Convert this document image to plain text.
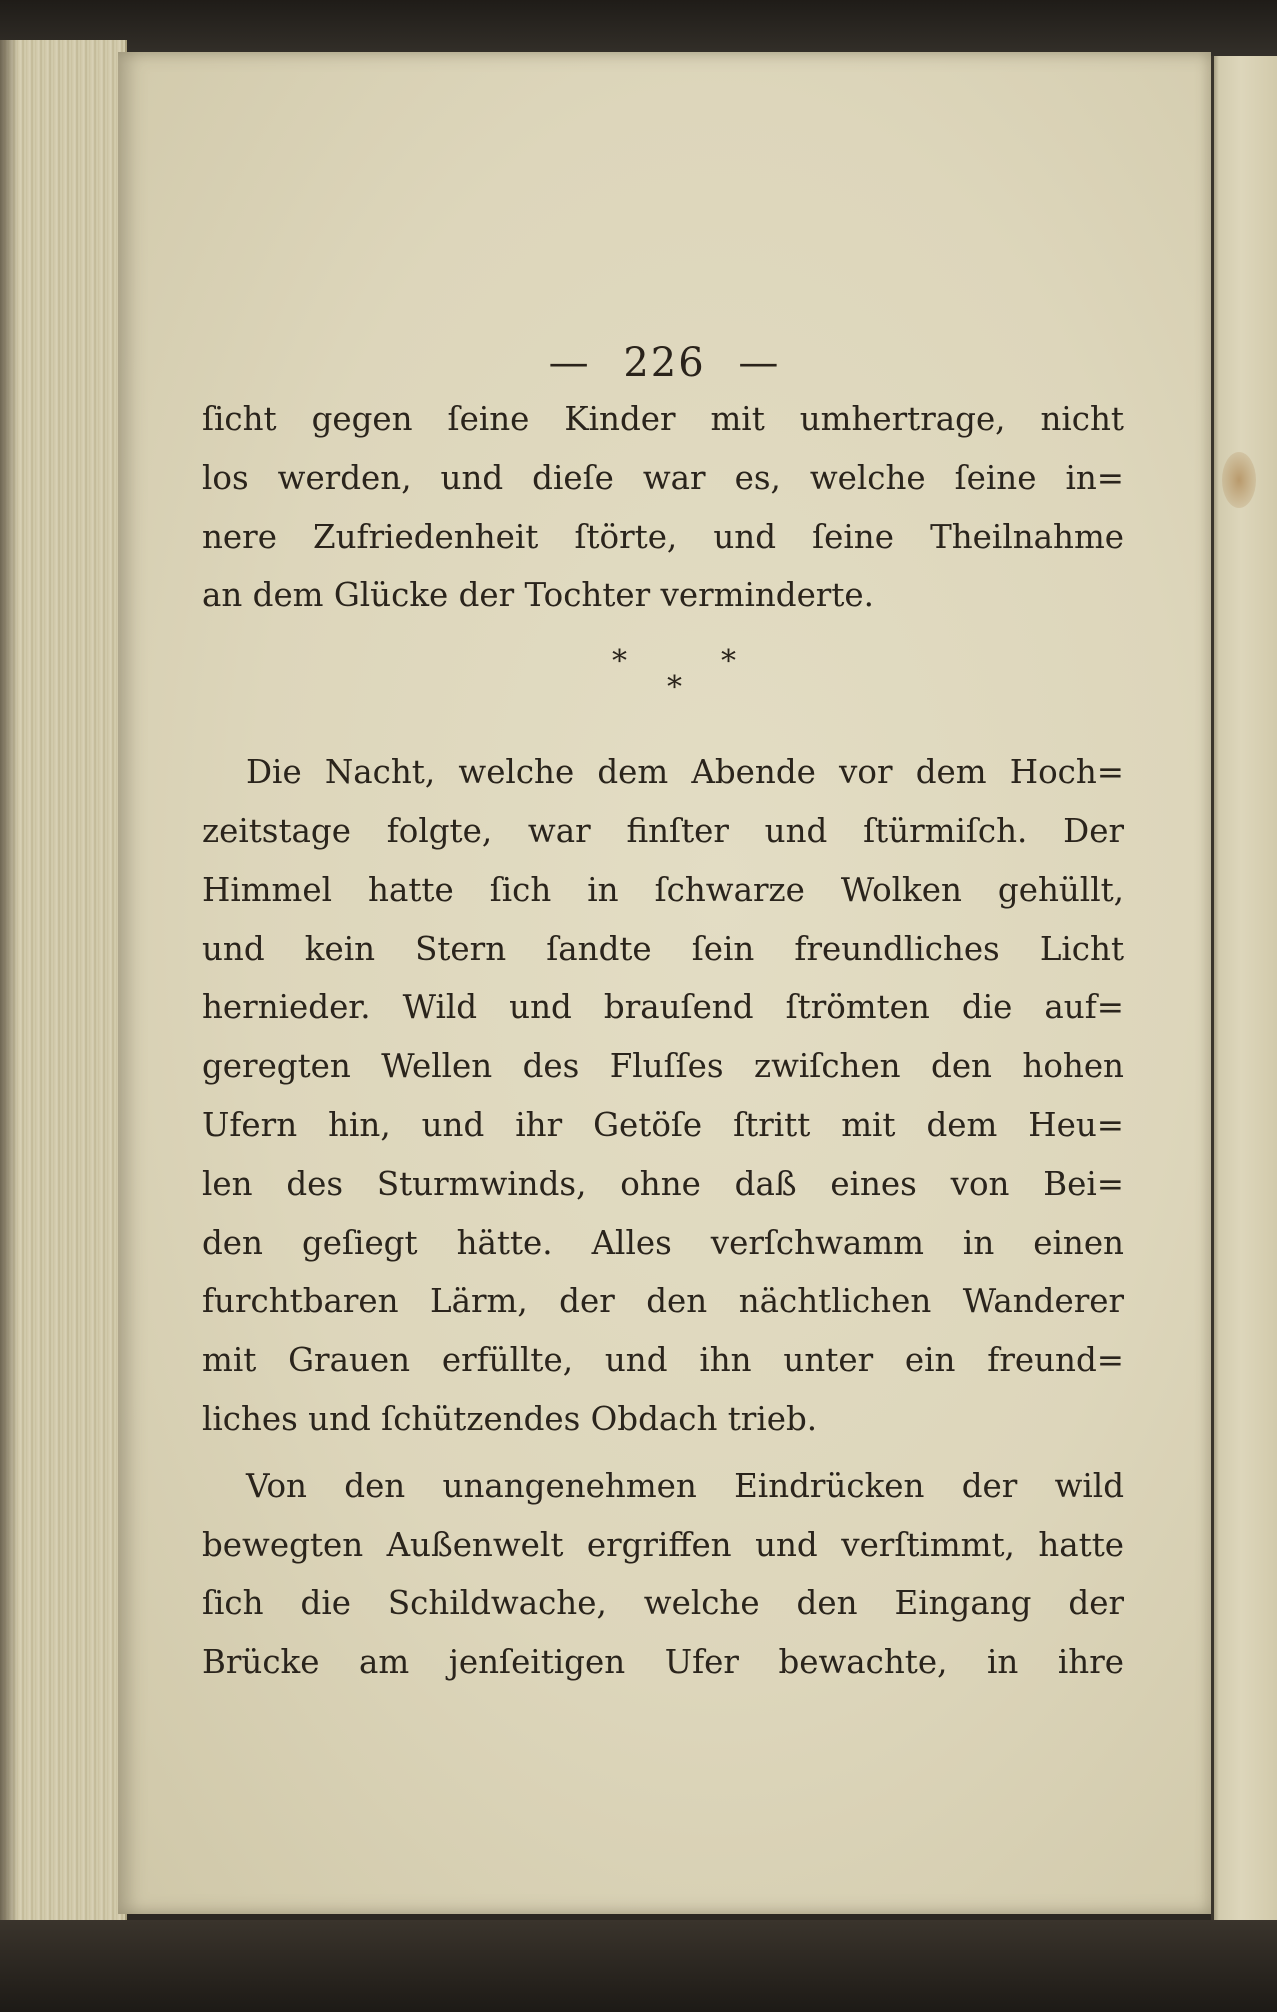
— 226 —
ſicht gegen ſeine Kinder mit umhertrage, nicht
los werden, und dieſe war es, welche ſeine in=
nere Zufriedenheit ſtörte, und ſeine Theilnahme
an dem Glücke der Tochter verminderte.
*	*
*
Die Nacht, welche dem Abende vor dem Hoch=
zeitstage folgte, war finſter und ſtürmiſch. Der
Himmel hatte ſich in ſchwarze Wolken gehüllt,
und kein Stern ſandte ſein freundliches Licht
hernieder. Wild und brauſend ſtrömten die auf=
geregten Wellen des Fluſſes zwiſchen den hohen
Ufern hin, und ihr Getöſe ſtritt mit dem Heu=
len des Sturmwinds, ohne daß eines von Bei=
den geſiegt hätte. Alles verſchwamm in einen
furchtbaren Lärm, der den nächtlichen Wanderer
mit Grauen erfüllte, und ihn unter ein freund=
liches und ſchützendes Obdach trieb.
Von den unangenehmen Eindrücken der wild
bewegten Außenwelt ergriffen und verſtimmt, hatte
ſich die Schildwache, welche den Eingang der
Brücke am jenſeitigen Ufer bewachte, in ihre
